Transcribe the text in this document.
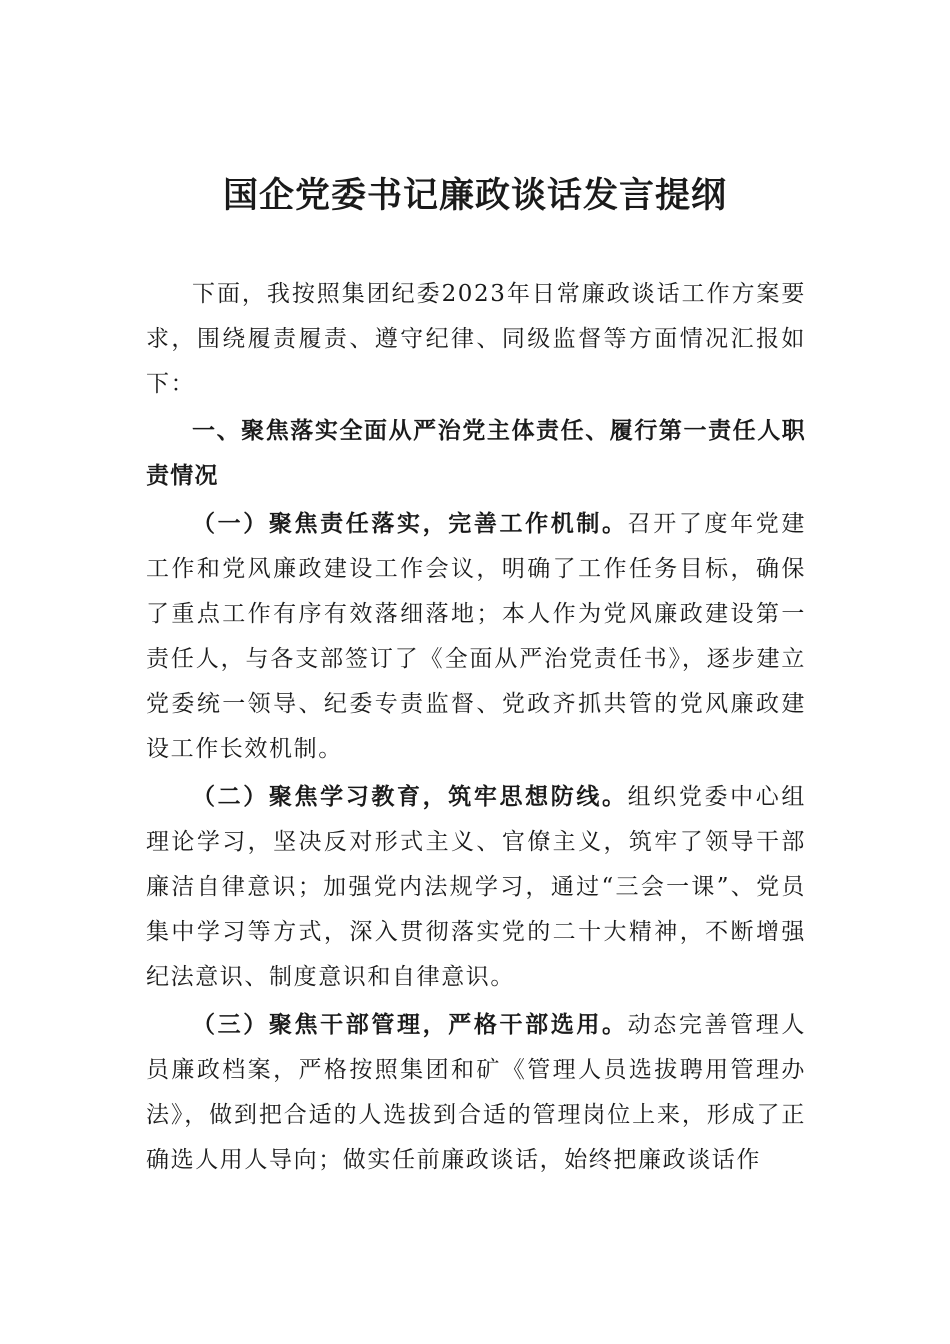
国企党委书记廉政谈话发言提纲

下面，我按照集团纪委2023年日常廉政谈话工作方案要求，围绕履责履责、遵守纪律、同级监督等方面情况汇报如下：

一、聚焦落实全面从严治党主体责任、履行第一责任人职责情况

（一）聚焦责任落实，完善工作机制。召开了度年党建工作和党风廉政建设工作会议，明确了工作任务目标，确保了重点工作有序有效落细落地；本人作为党风廉政建设第一责任人，与各支部签订了《全面从严治党责任书》，逐步建立党委统一领导、纪委专责监督、党政齐抓共管的党风廉政建设工作长效机制。

（二）聚焦学习教育，筑牢思想防线。组织党委中心组理论学习，坚决反对形式主义、官僚主义，筑牢了领导干部廉洁自律意识；加强党内法规学习，通过“三会一课”、党员集中学习等方式，深入贯彻落实党的二十大精神，不断增强纪法意识、制度意识和自律意识。

（三）聚焦干部管理，严格干部选用。动态完善管理人员廉政档案，严格按照集团和矿《管理人员选拔聘用管理办法》，做到把合适的人选拔到合适的管理岗位上来，形成了正确选人用人导向；做实任前廉政谈话，始终把廉政谈话作
